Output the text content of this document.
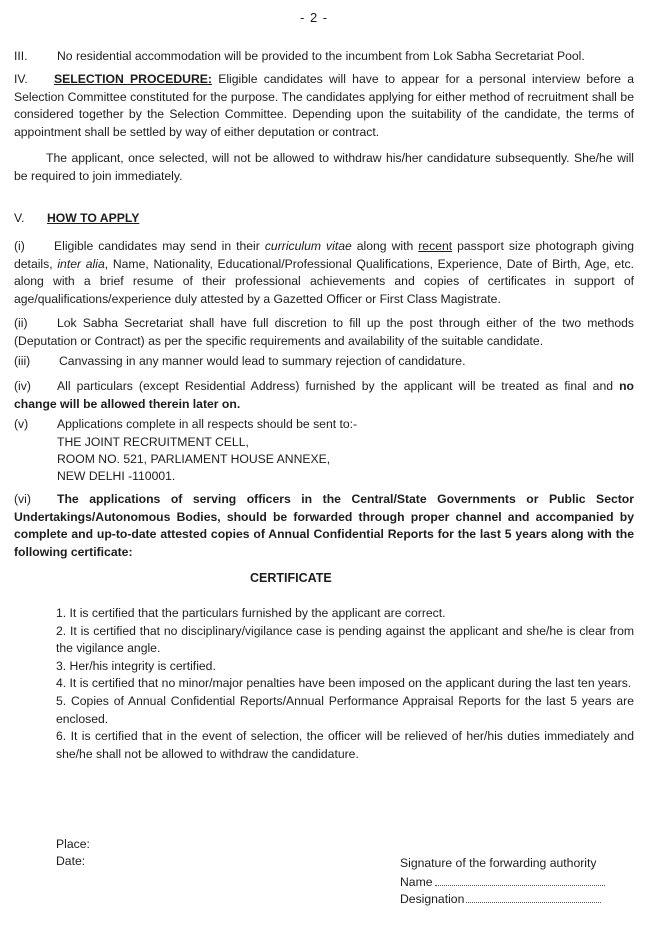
- 2 -

III. No residential accommodation will be provided to the incumbent from Lok Sabha Secretariat Pool.

IV. SELECTION PROCEDURE: Eligible candidates will have to appear for a personal interview before a Selection Committee constituted for the purpose. The candidates applying for either method of recruitment shall be considered together by the Selection Committee. Depending upon the suitability of the candidate, the terms of appointment shall be settled by way of either deputation or contract.

The applicant, once selected, will not be allowed to withdraw his/her candidature subsequently. She/he will be required to join immediately.

V. HOW TO APPLY

(i) Eligible candidates may send in their curriculum vitae along with recent passport size photograph giving details, inter alia, Name, Nationality, Educational/Professional Qualifications, Experience, Date of Birth, Age, etc. along with a brief resume of their professional achievements and copies of certificates in support of age/qualifications/experience duly attested by a Gazetted Officer or First Class Magistrate.

(ii) Lok Sabha Secretariat shall have full discretion to fill up the post through either of the two methods (Deputation or Contract) as per the specific requirements and availability of the suitable candidate.

(iii) Canvassing in any manner would lead to summary rejection of candidature.

(iv) All particulars (except Residential Address) furnished by the applicant will be treated as final and no change will be allowed therein later on.

(v) Applications complete in all respects should be sent to:-

THE JOINT RECRUITMENT CELL,

ROOM NO. 521, PARLIAMENT HOUSE ANNEXE,

NEW DELHI -110001.

(vi) The applications of serving officers in the Central/State Governments or Public Sector Undertakings/Autonomous Bodies, should be forwarded through proper channel and accompanied by complete and up-to-date attested copies of Annual Confidential Reports for the last 5 years along with the following certificate:

CERTIFICATE

1. It is certified that the particulars furnished by the applicant are correct.

2. It is certified that no disciplinary/vigilance case is pending against the applicant and she/he is clear from the vigilance angle.

3. Her/his integrity is certified.

4. It is certified that no minor/major penalties have been imposed on the applicant during the last ten years.

5. Copies of Annual Confidential Reports/Annual Performance Appraisal Reports for the last 5 years are enclosed.

6. It is certified that in the event of selection, the officer will be relieved of her/his duties immediately and she/he shall not be allowed to withdraw the candidature.

Place:
Date:	Signature of the forwarding authority
Name
Designation
